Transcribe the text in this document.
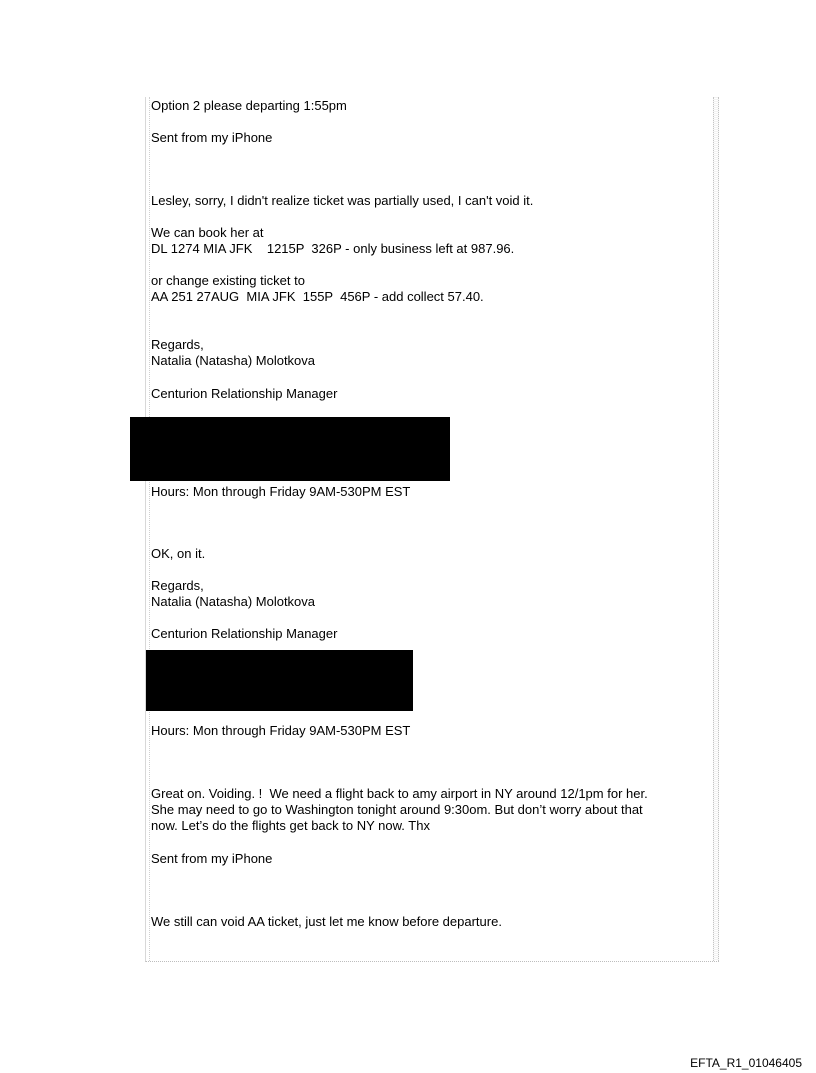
Option 2 please departing 1:55pm

Sent from my iPhone

Lesley, sorry, I didn't realize ticket was partially used, I can't void it.

We can book her at

DL 1274 MIA JFK    1215P  326P - only business left at 987.96.

or change existing ticket to

AA 251 27AUG  MIA JFK  155P  456P - add collect 57.40.

Regards,

Natalia (Natasha) Molotkova

Centurion Relationship Manager

Hours: Mon through Friday 9AM-530PM EST

OK, on it.

Regards,

Natalia (Natasha) Molotkova

Centurion Relationship Manager

Hours: Mon through Friday 9AM-530PM EST

Great on. Voiding. !  We need a flight back to amy airport in NY around 12/1pm for her.

She may need to go to Washington tonight around 9:30om. But don’t worry about that

now. Let’s do the flights get back to NY now. Thx

Sent from my iPhone

We still can void AA ticket, just let me know before departure.

EFTA_R1_01046405
